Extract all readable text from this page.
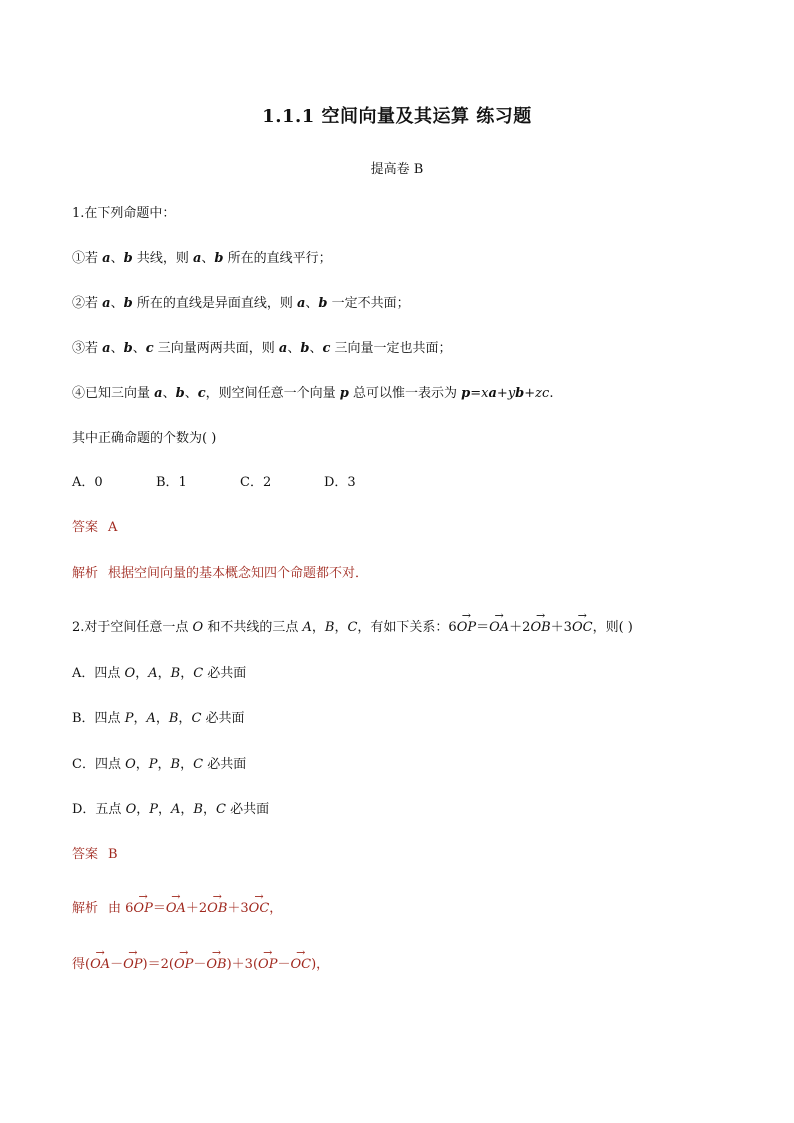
1.1.1 空间向量及其运算 练习题
提高卷 B
1.在下列命题中：
①若 a、b 共线，则 a、b 所在的直线平行；
②若 a、b 所在的直线是异面直线，则 a、b 一定不共面；
③若 a、b、c 三向量两两共面，则 a、b、c 三向量一定也共面；
④已知三向量 a、b、c，则空间任意一个向量 p 总可以惟一表示为 p=xa+yb+zc.
其中正确命题的个数为( )
A．0	B．1	C．2	D．3
答案 A
解析 根据空间向量的基本概念知四个命题都不对．
2.对于空间任意一点 O 和不共线的三点 A，B，C，有如下关系：6→ OP＝→ OA＋2→ OB＋3→ OC，则( )
A．四点 O，A，B，C 必共面
B．四点 P，A，B，C 必共面
C．四点 O，P，B，C 必共面
D．五点 O，P，A，B，C 必共面
答案 B
解析 由 6→ OP＝→ OA＋2→ OB＋3→ OC，
得(→ OA－→ OP)＝2(→ OP－→ OB)＋3(→ OP－→ OC)，
